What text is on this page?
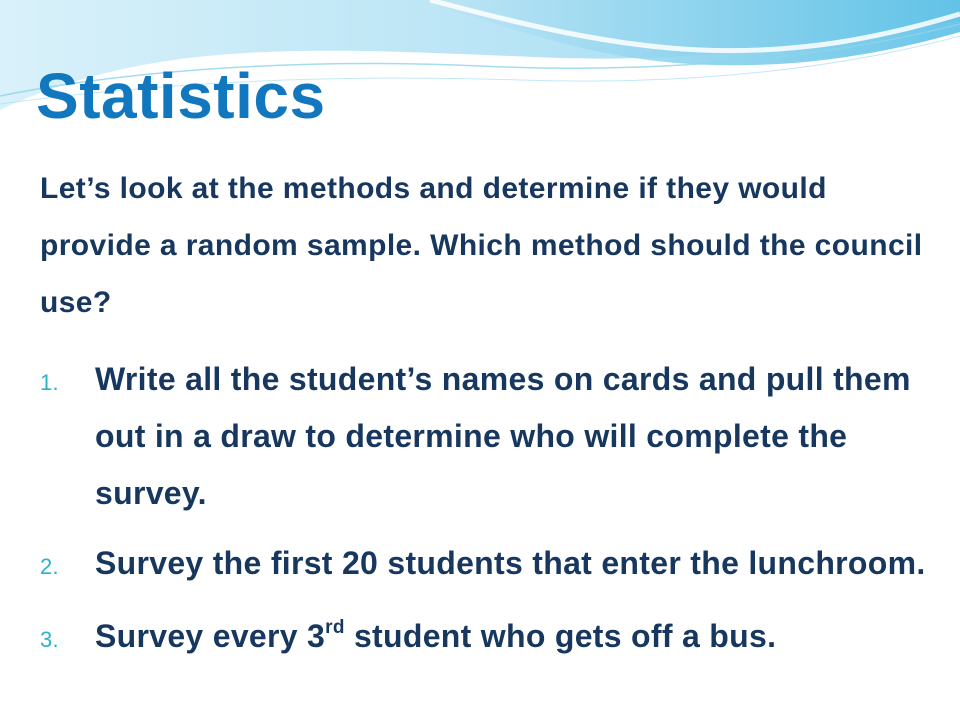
Statistics

Let’s look at the methods and determine if they would provide a random sample. Which method should the council use?

1. Write all the student’s names on cards and pull them out in a draw to determine who will complete the survey.
2. Survey the first 20 students that enter the lunchroom.
3. Survey every 3rd student who gets off a bus.
